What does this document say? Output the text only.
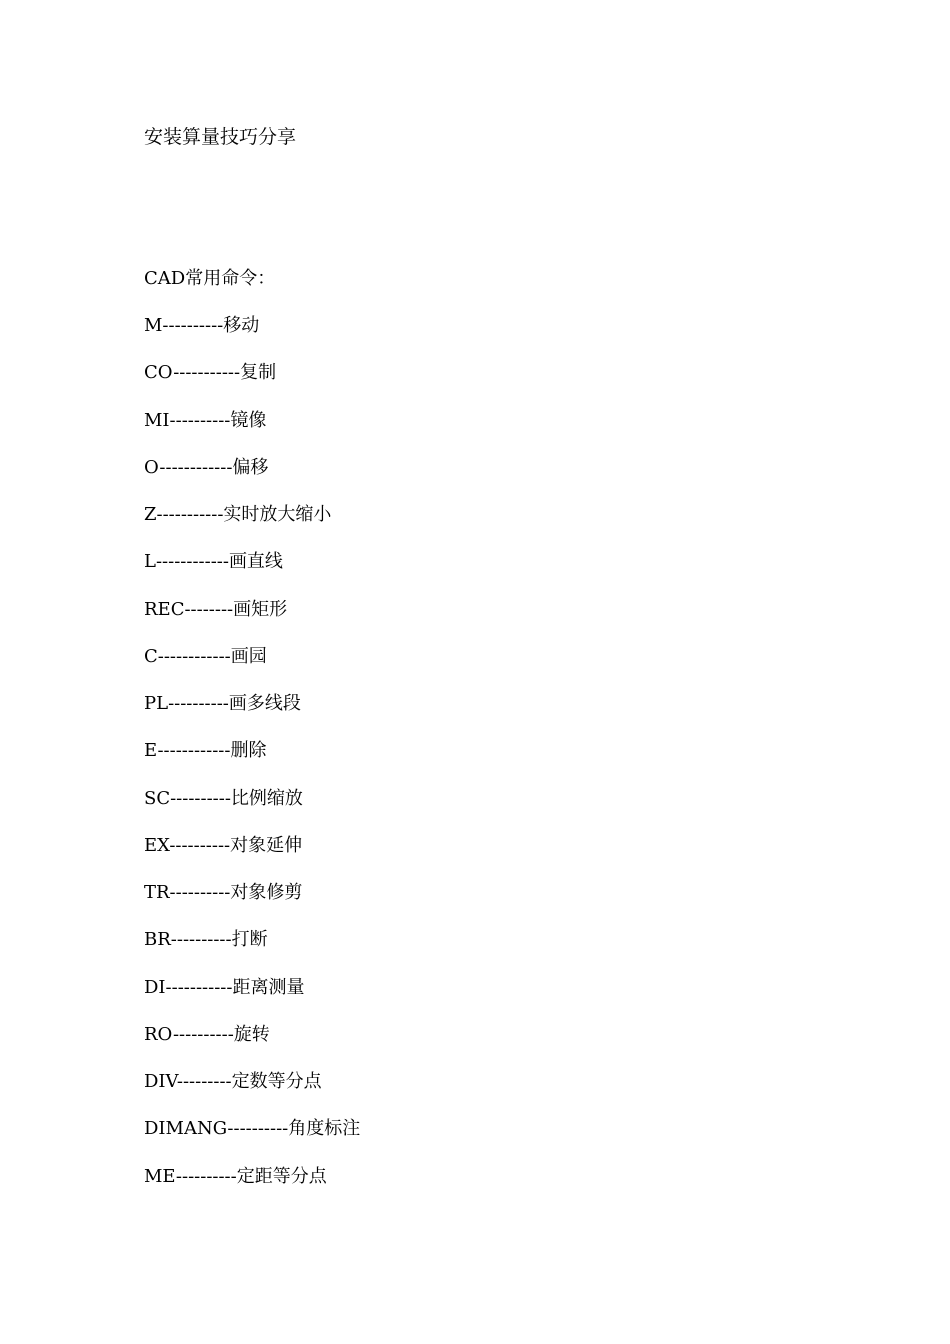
安装算量技巧分享
CAD常用命令：
M----------移动
CO-----------复制
MI----------镜像
O------------偏移
Z-----------实时放大缩小
L------------画直线
REC--------画矩形
C------------画园
PL----------画多线段
E------------删除
SC----------比例缩放
EX----------对象延伸
TR----------对象修剪
BR----------打断
DI-----------距离测量
RO----------旋转
DIV---------定数等分点
DIMANG----------角度标注
ME----------定距等分点
